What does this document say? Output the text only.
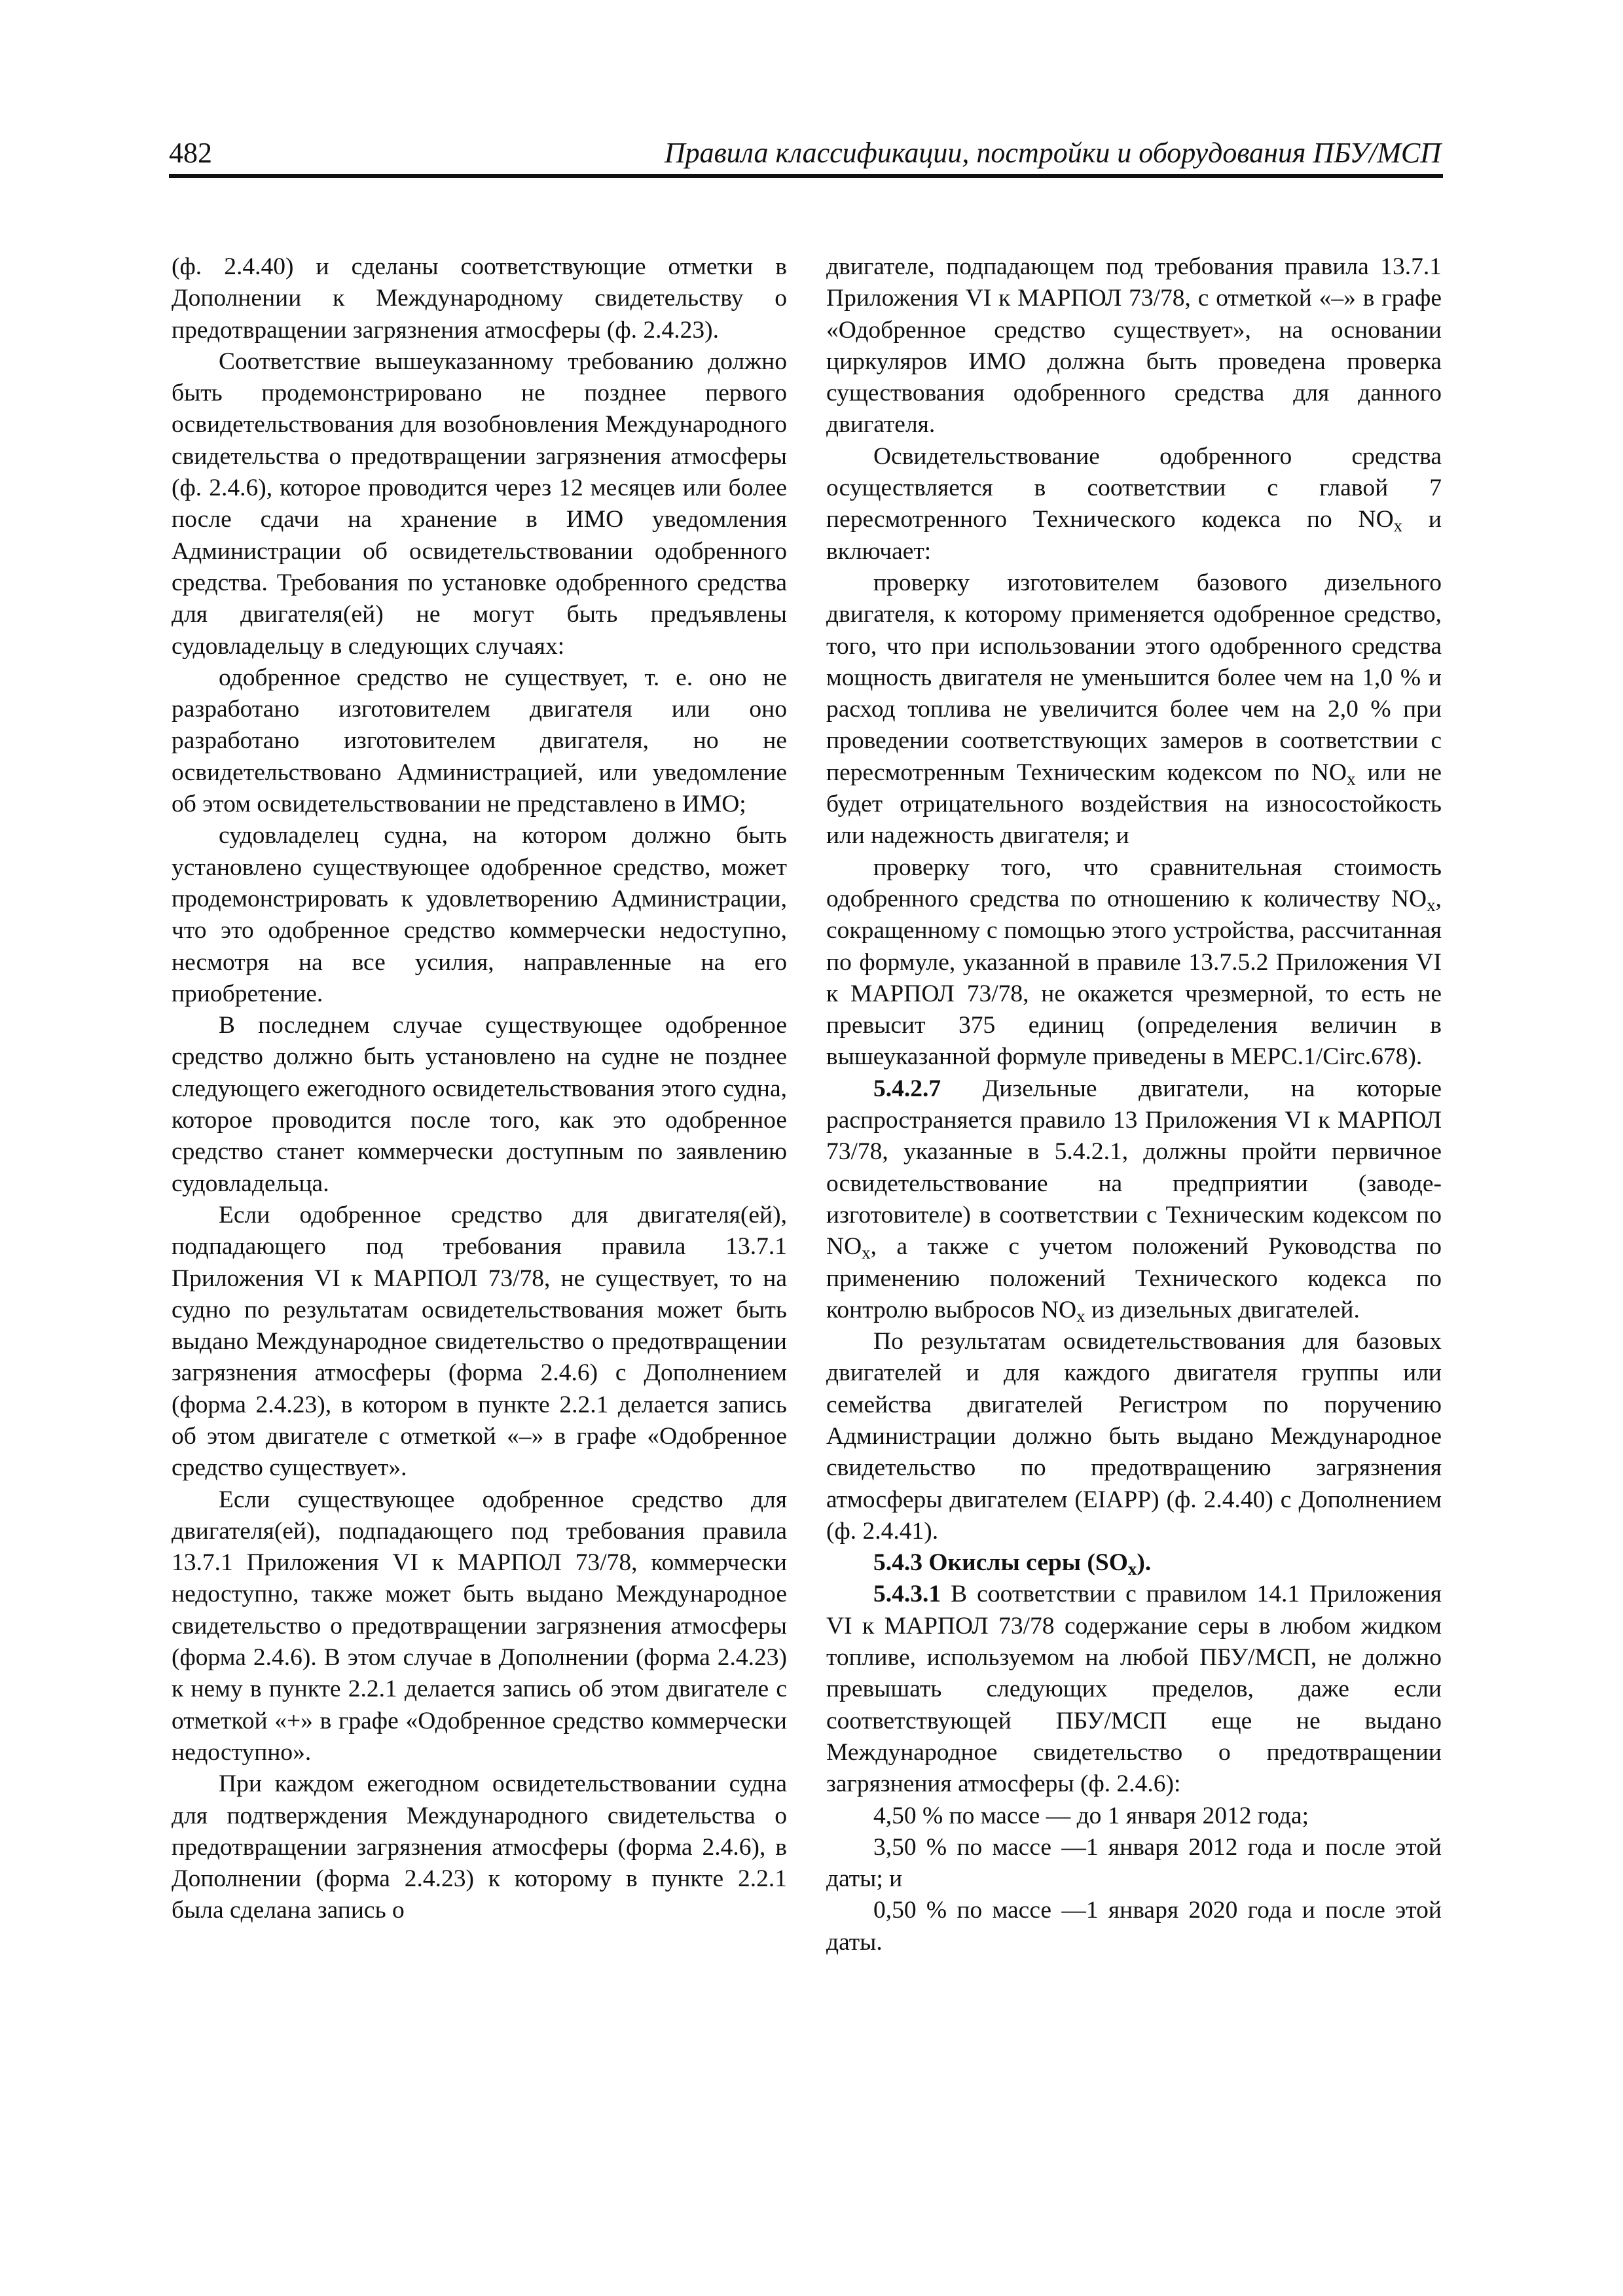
482	Правила классификации, постройки и оборудования ПБУ/МСП

(ф. 2.4.40) и сделаны соответствующие отметки в Дополнении к Международному свидетельству о предотвращении загрязнения атмосферы (ф. 2.4.23).

Соответствие вышеуказанному требованию должно быть продемонстрировано не позднее первого освидетельствования для возобновления Международного свидетельства о предотвращении загрязнения атмосферы (ф. 2.4.6), которое проводится через 12 месяцев или более после сдачи на хранение в ИМО уведомления Администрации об освидетельствовании одобренного средства. Требования по установке одобренного средства для двигателя(ей) не могут быть предъявлены судовладельцу в следующих случаях:

одобренное средство не существует, т. е. оно не разработано изготовителем двигателя или оно разработано изготовителем двигателя, но не освидетельствовано Администрацией, или уведомление об этом освидетельствовании не представлено в ИМО;

судовладелец судна, на котором должно быть установлено существующее одобренное средство, может продемонстрировать к удовлетворению Администрации, что это одобренное средство коммерчески недоступно, несмотря на все усилия, направленные на его приобретение.

В последнем случае существующее одобренное средство должно быть установлено на судне не позднее следующего ежегодного освидетельствования этого судна, которое проводится после того, как это одобренное средство станет коммерчески доступным по заявлению судовладельца.

Если одобренное средство для двигателя(ей), подпадающего под требования правила 13.7.1 Приложения VI к МАРПОЛ 73/78, не существует, то на судно по результатам освидетельствования может быть выдано Международное свидетельство о предотвращении загрязнения атмосферы (форма 2.4.6) с Дополнением (форма 2.4.23), в котором в пункте 2.2.1 делается запись об этом двигателе с отметкой «–» в графе «Одобренное средство существует».

Если существующее одобренное средство для двигателя(ей), подпадающего под требования правила 13.7.1 Приложения VI к МАРПОЛ 73/78, коммерчески недоступно, также может быть выдано Международное свидетельство о предотвращении загрязнения атмосферы (форма 2.4.6). В этом случае в Дополнении (форма 2.4.23) к нему в пункте 2.2.1 делается запись об этом двигателе с отметкой «+» в графе «Одобренное средство коммерчески недоступно».

При каждом ежегодном освидетельствовании судна для подтверждения Международного свидетельства о предотвращении загрязнения атмосферы (форма 2.4.6), в Дополнении (форма 2.4.23) к которому в пункте 2.2.1 была сделана запись о

двигателе, подпадающем под требования правила 13.7.1 Приложения VI к МАРПОЛ 73/78, с отметкой «–» в графе «Одобренное средство существует», на основании циркуляров ИМО должна быть проведена проверка существования одобренного средства для данного двигателя.

Освидетельствование одобренного средства осуществляется в соответствии с главой 7 пересмотренного Технического кодекса по $NO_x$ и включает:

проверку изготовителем базового дизельного двигателя, к которому применяется одобренное средство, того, что при использовании этого одобренного средства мощность двигателя не уменьшится более чем на 1,0 % и расход топлива не увеличится более чем на 2,0 % при проведении соответствующих замеров в соответствии с пересмотренным Техническим кодексом по $NO_x$ или не будет отрицательного воздействия на износостойкость или надежность двигателя; и

проверку того, что сравнительная стоимость одобренного средства по отношению к количеству $NO_x$, сокращенному с помощью этого устройства, рассчитанная по формуле, указанной в правиле 13.7.5.2 Приложения VI к МАРПОЛ 73/78, не окажется чрезмерной, то есть не превысит 375 единиц (определения величин в вышеуказанной формуле приведены в МЕРС.1/Circ.678).

5.4.2.7 Дизельные двигатели, на которые распространяется правило 13 Приложения VI к МАРПОЛ 73/78, указанные в 5.4.2.1, должны пройти первичное освидетельствование на предприятии (заводе-изготовителе) в соответствии с Техническим кодексом по $NO_x$, а также с учетом положений Руководства по применению положений Технического кодекса по контролю выбросов $NO_x$ из дизельных двигателей.

По результатам освидетельствования для базовых двигателей и для каждого двигателя группы или семейства двигателей Регистром по поручению Администрации должно быть выдано Международное свидетельство по предотвращению загрязнения атмосферы двигателем (EIAPP) (ф. 2.4.40) с Дополнением (ф. 2.4.41).

5.4.3 Окислы серы $(SO_x)$.

5.4.3.1 В соответствии с правилом 14.1 Приложения VI к МАРПОЛ 73/78 содержание серы в любом жидком топливе, используемом на любой ПБУ/МСП, не должно превышать следующих пределов, даже если соответствующей ПБУ/МСП еще не выдано Международное свидетельство о предотвращении загрязнения атмосферы (ф. 2.4.6):

4,50 % по массе — до 1 января 2012 года;

3,50 % по массе —1 января 2012 года и после этой даты; и

0,50 % по массе —1 января 2020 года и после этой даты.
